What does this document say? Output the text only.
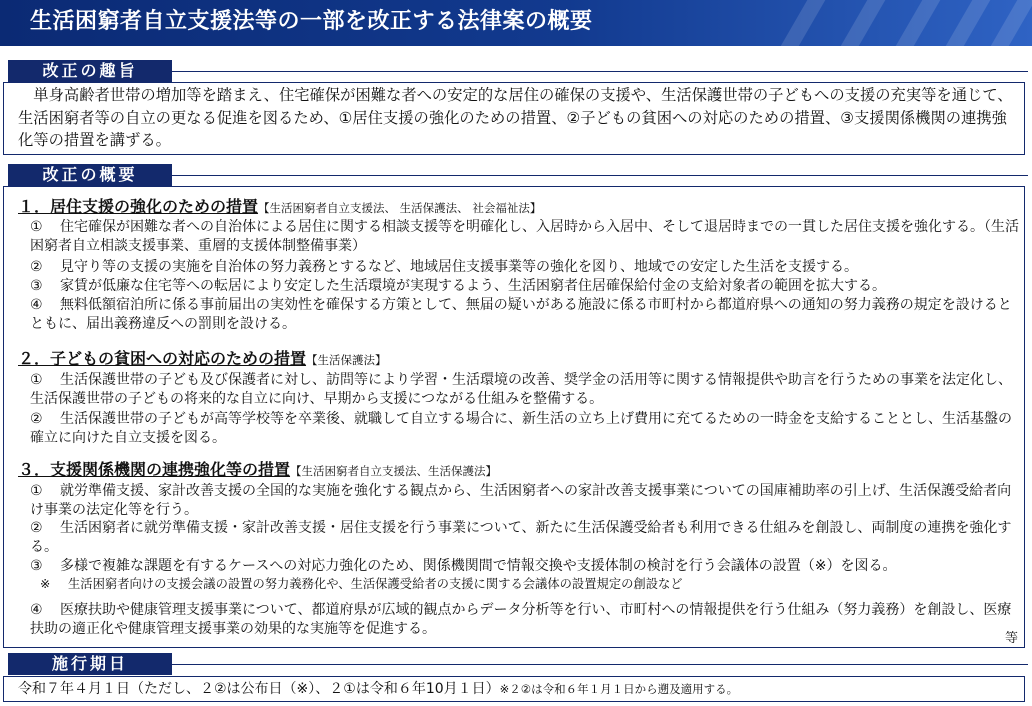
生活困窮者自立支援法等の一部を改正する法律案の概要
改正の趣旨

単身高齢者世帯の増加等を踏まえ、住宅確保が困難な者への安定的な居住の確保の支援や、生活保護世帯の子どもへの支援の充実等を通じて、生活困窮者等の自立の更なる促進を図るため、①居住支援の強化のための措置、②子どもの貧困への対応のための措置、③支援関係機関の連携強化等の措置を講ずる。

改正の概要
１．居住支援の強化のための措置【生活困窮者自立支援法、 生活保護法、 社会福祉法】
① 住宅確保が困難な者への自治体による居住に関する相談支援等を明確化し、入居時から入居中、そして退居時までの一貫した居住支援を強化する。（生活困窮者自立相談支援事業、重層的支援体制整備事業）
② 見守り等の支援の実施を自治体の努力義務とするなど、地域居住支援事業等の強化を図り、地域での安定した生活を支援する。
③ 家賃が低廉な住宅等への転居により安定した生活環境が実現するよう、生活困窮者住居確保給付金の支給対象者の範囲を拡大する。
④ 無料低額宿泊所に係る事前届出の実効性を確保する方策として、無届の疑いがある施設に係る市町村から都道府県への通知の努力義務の規定を設けるとともに、届出義務違反への罰則を設ける。
２．子どもの貧困への対応のための措置【生活保護法】
① 生活保護世帯の子ども及び保護者に対し、訪問等により学習・生活環境の改善、奨学金の活用等に関する情報提供や助言を行うための事業を法定化し、生活保護世帯の子どもの将来的な自立に向け、早期から支援につながる仕組みを整備する。
② 生活保護世帯の子どもが高等学校等を卒業後、就職して自立する場合に、新生活の立ち上げ費用に充てるための一時金を支給することとし、生活基盤の確立に向けた自立支援を図る。
３．支援関係機関の連携強化等の措置【生活困窮者自立支援法、生活保護法】
① 就労準備支援、家計改善支援の全国的な実施を強化する観点から、生活困窮者への家計改善支援事業についての国庫補助率の引上げ、生活保護受給者向け事業の法定化等を行う。
② 生活困窮者に就労準備支援・家計改善支援・居住支援を行う事業について、新たに生活保護受給者も利用できる仕組みを創設し、両制度の連携を強化する。
③ 多様で複雑な課題を有するケースへの対応力強化のため、関係機関間で情報交換や支援体制の検討を行う会議体の設置（※）を図る。
※ 生活困窮者向けの支援会議の設置の努力義務化や、生活保護受給者の支援に関する会議体の設置規定の創設など
④ 医療扶助や健康管理支援事業について、都道府県が広域的観点からデータ分析等を行い、市町村への情報提供を行う仕組み（努力義務）を創設し、医療扶助の適正化や健康管理支援事業の効果的な実施等を促進する。
等
施行期日

令和７年４月１日（ただし、２②は公布日（※）、２①は令和６年10月１日）※２②は令和６年１月１日から遡及適用する。
